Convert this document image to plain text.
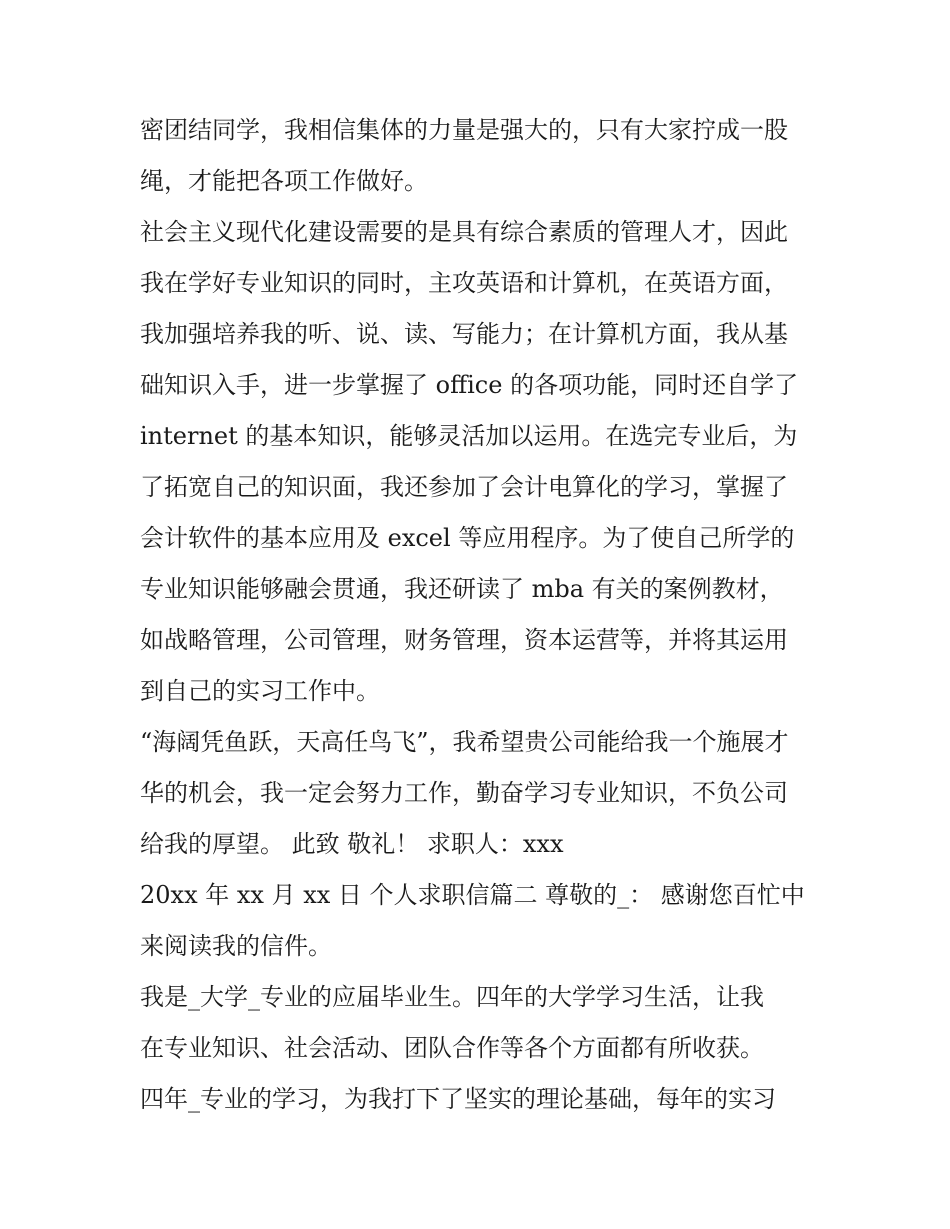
密团结同学，我相信集体的力量是强大的，只有大家拧成一股
绳，才能把各项工作做好。
社会主义现代化建设需要的是具有综合素质的管理人才，因此
我在学好专业知识的同时，主攻英语和计算机，在英语方面，
我加强培养我的听、说、读、写能力；在计算机方面，我从基
础知识入手，进一步掌握了 office 的各项功能，同时还自学了
internet 的基本知识，能够灵活加以运用。在选完专业后，为
了拓宽自己的知识面，我还参加了会计电算化的学习，掌握了
会计软件的基本应用及 excel 等应用程序。为了使自己所学的
专业知识能够融会贯通，我还研读了 mba 有关的案例教材，
如战略管理，公司管理，财务管理，资本运营等，并将其运用
到自己的实习工作中。
“海阔凭鱼跃，天高任鸟飞”，我希望贵公司能给我一个施展才
华的机会，我一定会努力工作，勤奋学习专业知识，不负公司
给我的厚望。 此致 敬礼！ 求职人：xxx
20xx 年 xx 月 xx 日 个人求职信篇二 尊敬的_： 感谢您百忙中
来阅读我的信件。
我是_大学_专业的应届毕业生。四年的大学学习生活，让我
在专业知识、社会活动、团队合作等各个方面都有所收获。
四年_专业的学习，为我打下了坚实的理论基础，每年的实习
